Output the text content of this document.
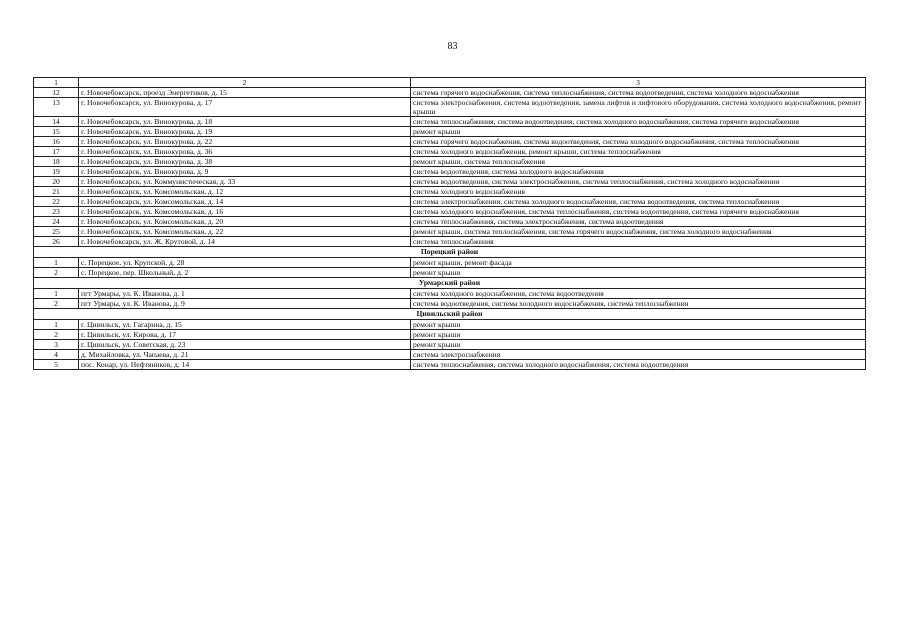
83
1	2	3
12	г. Новочебоксарск, проезд Энергетиков, д. 15	система горячего водоснабжения, система теплоснабжения, система водоотведения, система холодного водоснабжения
13	г. Новочебоксарск, ул. Винокурова, д. 17	система электроснабжения, система водоотведения, замена лифтов и лифтового оборудования, система холодного водоснабжения, ремонт крыши
14	г. Новочебоксарск, ул. Винокурова, д. 18	система теплоснабжения, система водоотведения, система холодного водоснабжения, система горячего водоснабжения
15	г. Новочебоксарск, ул. Винокурова, д. 19	ремонт крыши
16	г. Новочебоксарск, ул. Винокурова, д. 22	система горячего водоснабжения, система водоотведения, система холодного водоснабжения, система теплоснабжения
17	г. Новочебоксарск, ул. Винокурова, д. 36	система холодного водоснабжения, ремонт крыши, система теплоснабжения
18	г. Новочебоксарск, ул. Винокурова, д. 38	ремонт крыши, система теплоснабжения
19	г. Новочебоксарск, ул. Винокурова, д. 9	система водоотведения, система холодного водоснабжения
20	г. Новочебоксарск, ул. Коммунистическая, д. 33	система водоотведения, система электроснабжения, система теплоснабжения, система холодного водоснабжения
21	г. Новочебоксарск, ул. Комсомольская, д. 12	система холодного водоснабжения
22	г. Новочебоксарск, ул. Комсомольская, д. 14	система электроснабжения, система холодного водоснабжения, система водоотведения, система теплоснабжения
23	г. Новочебоксарск, ул. Комсомольская, д. 16	система холодного водоснабжения, система теплоснабжения, система водоотведения, система горячего водоснабжения
24	г. Новочебоксарск, ул. Комсомольская, д. 20	система теплоснабжения, система электроснабжения, система водоотведения
25	г. Новочебоксарск, ул. Комсомольская, д. 22	ремонт крыши, система теплоснабжения, система горячего водоснабжения, система холодного водоснабжения
26	г. Новочебоксарск, ул. Ж. Крутовой, д. 14	система теплоснабжения
Порецкий район		
1	с. Порецкое, ул. Крупской, д. 28	ремонт крыши, ремонт фасада
2	с. Порецкое, пер. Школьный, д. 2	ремонт крыши
Урмарский район		
1	пгт Урмары, ул. К. Иванова, д. 1	система холодного водоснабжения, система водоотведения
2	пгт Урмары, ул. К. Иванова, д. 9	система водоотведения, система холодного водоснабжения, система теплоснабжения
Цивильский район		
1	г. Цивильск, ул. Гагарина, д. 15	ремонт крыши
2	г. Цивильск, ул. Кирова, д. 17	ремонт крыши
3	г. Цивильск, ул. Советская, д. 23	ремонт крыши
4	д. Михайловка, ул. Чапаева, д. 21	система электроснабжения
5	пос. Конар, ул. Нефтяников, д. 14	система теплоснабжения, система холодного водоснабжения, система водоотведения
